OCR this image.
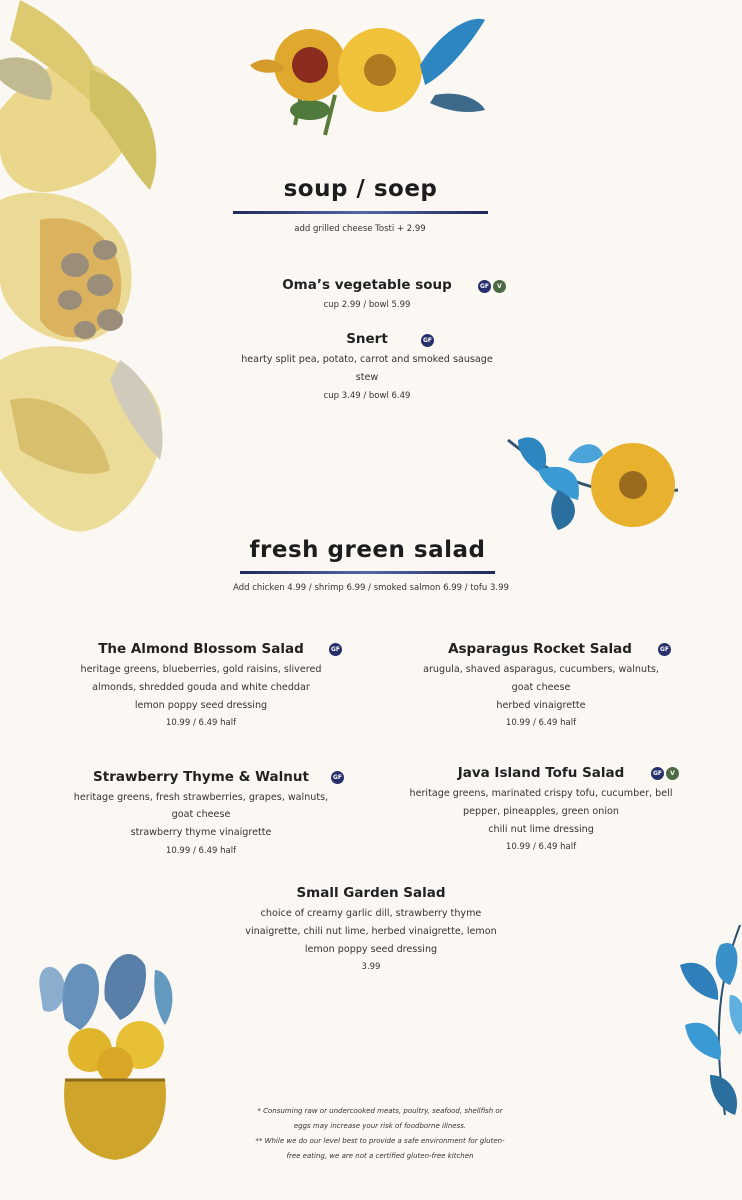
soup / soep
add grilled cheese Tosti + 2.99
Oma’s vegetable soup	GF	V
cup 2.99 / bowl 5.99
Snert	GF
hearty split pea, potato, carrot and smoked sausage
stew
cup 3.49 / bowl 6.49
fresh green salad
Add chicken 4.99 / shrimp 6.99 / smoked salmon 6.99 / tofu 3.99
The Almond Blossom Salad	GF
heritage greens, blueberries, gold raisins, slivered
almonds, shredded gouda and white cheddar
lemon poppy seed dressing
10.99 / 6.49 half
Asparagus Rocket Salad	GF
arugula, shaved asparagus, cucumbers, walnuts,
goat cheese
herbed vinaigrette
10.99 / 6.49 half
Strawberry Thyme & Walnut	GF
heritage greens, fresh strawberries, grapes, walnuts,
goat cheese
strawberry thyme vinaigrette
10.99 / 6.49 half
Java Island Tofu Salad	GF	V
heritage greens, marinated crispy tofu, cucumber, bell
pepper, pineapples, green onion
chili nut lime dressing
10.99 / 6.49 half
Small Garden Salad
choice of creamy garlic dill, strawberry thyme
vinaigrette, chili nut lime, herbed vinaigrette, lemon
lemon poppy seed dressing
3.99
* Consuming raw or undercooked meats, poultry, seafood, shellfish or
eggs may increase your risk of foodborne illness.
** While we do our level best to provide a safe environment for gluten-
free eating, we are not a certified gluten-free kitchen
